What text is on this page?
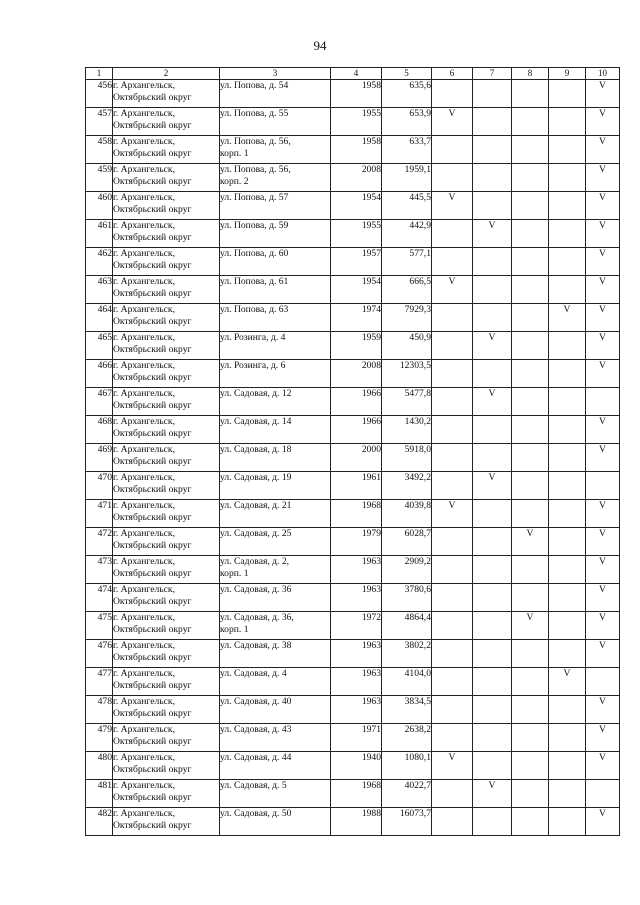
94
1	2	3	4	5	6	7	8	9	10

456	г. Архангельск,
Октябрьский округ	ул. Попова, д. 54	1958	635,6					V

457	г. Архангельск,
Октябрьский округ	ул. Попова, д. 55	1955	653,9	V				V

458	г. Архангельск,
Октябрьский округ	ул. Попова, д. 56,
корп. 1	1958	633,7					V

459	г. Архангельск,
Октябрьский округ	ул. Попова, д. 56,
корп. 2	2008	1959,1					V

460	г. Архангельск,
Октябрьский округ	ул. Попова, д. 57	1954	445,5	V				V

461	г. Архангельск,
Октябрьский округ	ул. Попова, д. 59	1955	442,9		V			V

462	г. Архангельск,
Октябрьский округ	ул. Попова, д. 60	1957	577,1					V

463	г. Архангельск,
Октябрьский округ	ул. Попова, д. 61	1954	666,5	V				V

464	г. Архангельск,
Октябрьский округ	ул. Попова, д. 63	1974	7929,3				V	V

465	г. Архангельск,
Октябрьский округ	ул. Розинга, д. 4	1959	450,9		V			V

466	г. Архангельск,
Октябрьский округ	ул. Розинга, д. 6	2008	12303,5					V

467	г. Архангельск,
Октябрьский округ	ул. Садовая, д. 12	1966	5477,8		V			

468	г. Архангельск,
Октябрьский округ	ул. Садовая, д. 14	1966	1430,2					V

469	г. Архангельск,
Октябрьский округ	ул. Садовая, д. 18	2000	5918,0					V

470	г. Архангельск,
Октябрьский округ	ул. Садовая, д. 19	1961	3492,2		V			

471	г. Архангельск,
Октябрьский округ	ул. Садовая, д. 21	1968	4039,8	V				V

472	г. Архангельск,
Октябрьский округ	ул. Садовая, д. 25	1979	6028,7			V		V

473	г. Архангельск,
Октябрьский округ	ул. Садовая, д. 2,
корп. 1	1963	2909,2					V

474	г. Архангельск,
Октябрьский округ	ул. Садовая, д. 36	1963	3780,6					V

475	г. Архангельск,
Октябрьский округ	ул. Садовая, д. 36,
корп. 1	1972	4864,4			V		V

476	г. Архангельск,
Октябрьский округ	ул. Садовая, д. 38	1963	3802,2					V

477	г. Архангельск,
Октябрьский округ	ул. Садовая, д. 4	1963	4104,0				V	

478	г. Архангельск,
Октябрьский округ	ул. Садовая, д. 40	1963	3834,5					V

479	г. Архангельск,
Октябрьский округ	ул. Садовая, д. 43	1971	2638,2					V

480	г. Архангельск,
Октябрьский округ	ул. Садовая, д. 44	1940	1080,1	V				V

481	г. Архангельск,
Октябрьский округ	ул. Садовая, д. 5	1968	4022,7		V			

482	г. Архангельск,
Октябрьский округ	ул. Садовая, д. 50	1988	16073,7					V
